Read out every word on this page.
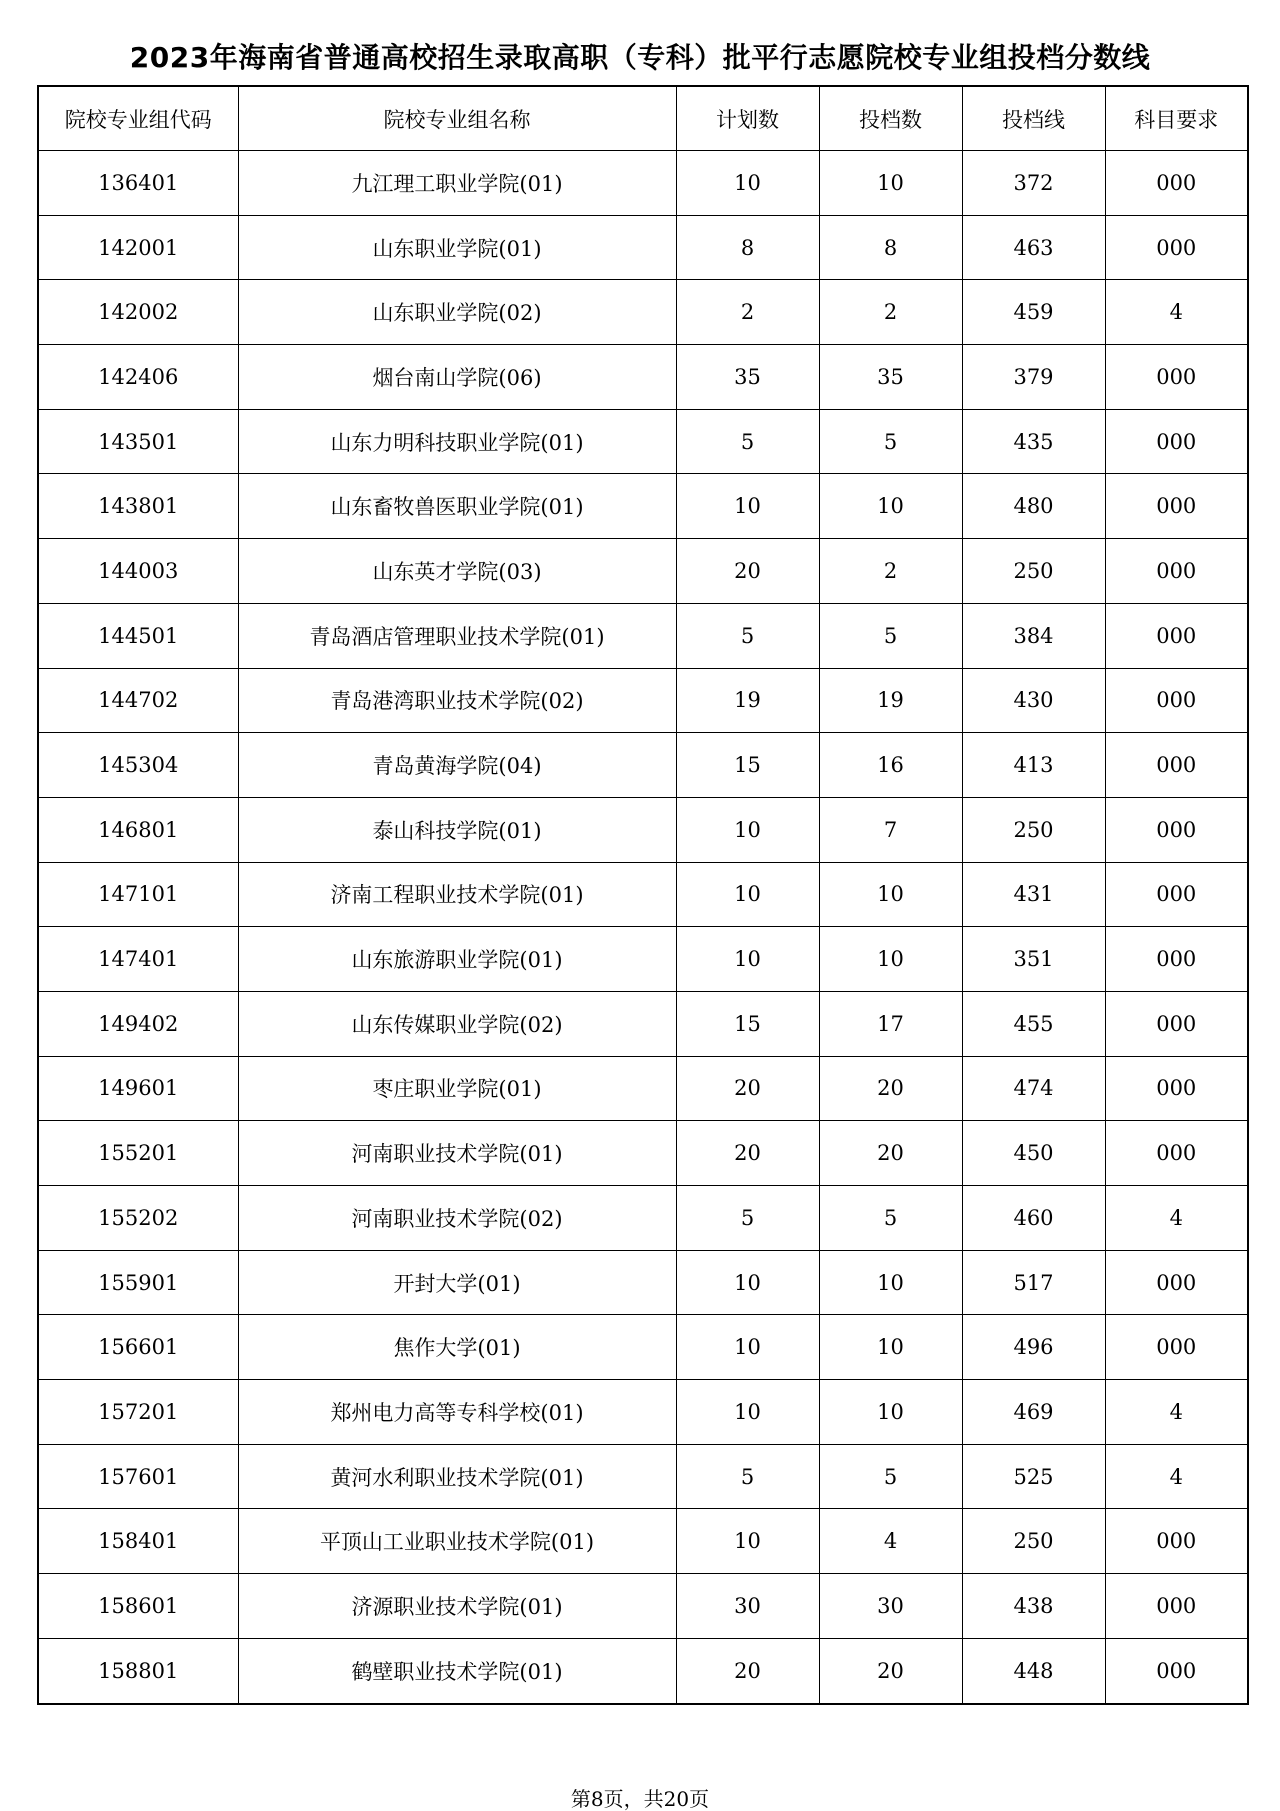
2023年海南省普通高校招生录取高职（专科）批平行志愿院校专业组投档分数线
院校专业组代码	院校专业组名称	计划数	投档数	投档线	科目要求
136401	九江理工职业学院(01)	10	10	372	000
142001	山东职业学院(01)	8	8	463	000
142002	山东职业学院(02)	2	2	459	4
142406	烟台南山学院(06)	35	35	379	000
143501	山东力明科技职业学院(01)	5	5	435	000
143801	山东畜牧兽医职业学院(01)	10	10	480	000
144003	山东英才学院(03)	20	2	250	000
144501	青岛酒店管理职业技术学院(01)	5	5	384	000
144702	青岛港湾职业技术学院(02)	19	19	430	000
145304	青岛黄海学院(04)	15	16	413	000
146801	泰山科技学院(01)	10	7	250	000
147101	济南工程职业技术学院(01)	10	10	431	000
147401	山东旅游职业学院(01)	10	10	351	000
149402	山东传媒职业学院(02)	15	17	455	000
149601	枣庄职业学院(01)	20	20	474	000
155201	河南职业技术学院(01)	20	20	450	000
155202	河南职业技术学院(02)	5	5	460	4
155901	开封大学(01)	10	10	517	000
156601	焦作大学(01)	10	10	496	000
157201	郑州电力高等专科学校(01)	10	10	469	4
157601	黄河水利职业技术学院(01)	5	5	525	4
158401	平顶山工业职业技术学院(01)	10	4	250	000
158601	济源职业技术学院(01)	30	30	438	000
158801	鹤壁职业技术学院(01)	20	20	448	000
第8页，共20页
